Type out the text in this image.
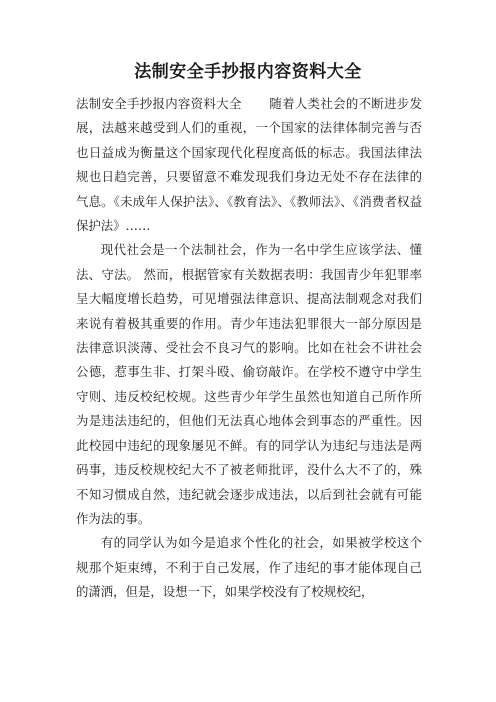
法制安全手抄报内容资料大全

法制安全手抄报内容资料大全 随着人类社会的不断进步发展，法越来越受到人们的重视，一个国家的法律体制完善与否也日益成为衡量这个国家现代化程度高低的标志。我国法律法规也日趋完善，只要留意不难发现我们身边无处不存在法律的气息。《未成年人保护法》、《教育法》、《教师法》、《消费者权益保护法》……

现代社会是一个法制社会，作为一名中学生应该学法、懂法、守法。 然而，根据管家有关数据表明：我国青少年犯罪率呈大幅度增长趋势，可见增强法律意识、提高法制观念对我们来说有着极其重要的作用。青少年违法犯罪很大一部分原因是法律意识淡薄、受社会不良习气的影响。比如在社会不讲社会公德，惹事生非、打架斗殴、偷窃敲诈。在学校不遵守中学生守则、违反校纪校规。这些青少年学生虽然也知道自己所作所为是违法违纪的，但他们无法真心地体会到事态的严重性。因此校园中违纪的现象屡见不鲜。有的同学认为违纪与违法是两码事，违反校规校纪大不了被老师批评，没什么大不了的，殊不知习惯成自然，违纪就会逐步成违法，以后到社会就有可能作为法的事。

有的同学认为如今是追求个性化的社会，如果被学校这个规那个矩束缚，不利于自己发展，作了违纪的事才能体现自己的潇洒，但是，设想一下，如果学校没有了校规校纪，
